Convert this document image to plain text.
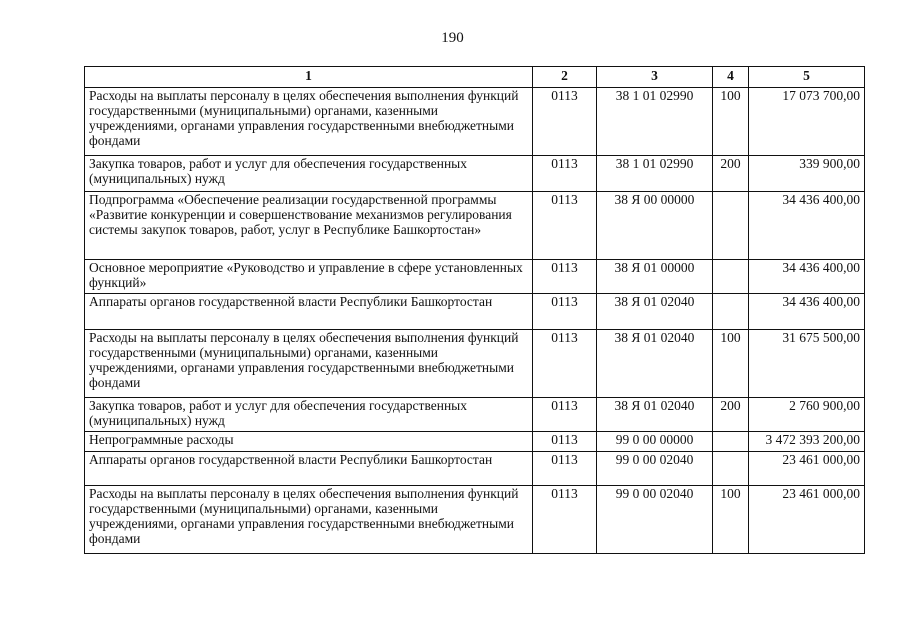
190
1	2	3	4	5
Расходы на выплаты персоналу в целях обеспечения выполнения функций государственными (муниципальными) органами, казенными учреждениями, органами управления государственными внебюджетными фондами	0113	38 1 01 02990	100	17 073 700,00
Закупка товаров, работ и услуг для обеспечения государственных (муниципальных) нужд	0113	38 1 01 02990	200	339 900,00
Подпрограмма «Обеспечение реализации государственной программы «Развитие конкуренции и совершенствование механизмов регулирования системы закупок товаров, работ, услуг в Республике Башкортостан»	0113	38 Я 00 00000		34 436 400,00
Основное мероприятие «Руководство и управление в сфере установленных функций»	0113	38 Я 01 00000		34 436 400,00
Аппараты органов государственной власти Республики Башкортостан	0113	38 Я 01 02040		34 436 400,00
Расходы на выплаты персоналу в целях обеспечения выполнения функций государственными (муниципальными) органами, казенными учреждениями, органами управления государственными внебюджетными фондами	0113	38 Я 01 02040	100	31 675 500,00
Закупка товаров, работ и услуг для обеспечения государственных (муниципальных) нужд	0113	38 Я 01 02040	200	2 760 900,00
Непрограммные расходы	0113	99 0 00 00000		3 472 393 200,00
Аппараты органов государственной власти Республики Башкортостан	0113	99 0 00 02040		23 461 000,00
Расходы на выплаты персоналу в целях обеспечения выполнения функций государственными (муниципальными) органами, казенными учреждениями, органами управления государственными внебюджетными фондами	0113	99 0 00 02040	100	23 461 000,00
